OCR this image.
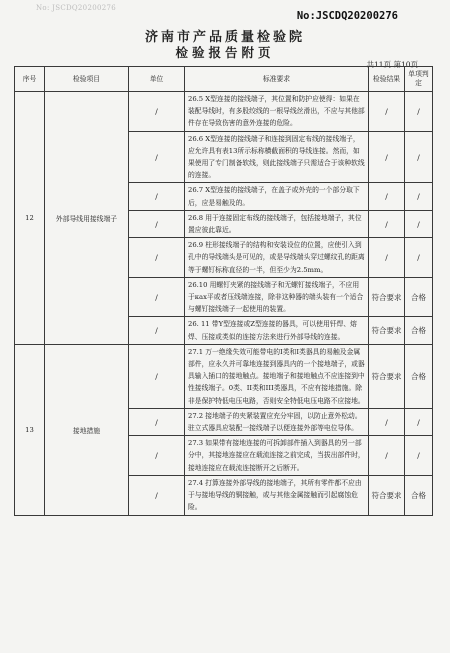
No: JSCDQ20200276
No:JSCDQ20200276
济南市产品质量检验院
检验报告附页
共11页 第10页
序号	检验项目	单位	标准要求	检验结果	单项判定
12	外部导线用接线端子	/	26.5 X型连接的接线端子，其位置和防护应使得：如果在装配导线时，有多股绞线的一根导线丝滑出，不应与其他部件存在导致伤害的意外连接的危险。	/	/
		/	26.6 X型连接的接线端子和连接到固定布线的接线端子，应允许具有表13所示标称横截面积的导线连接。然而，如果使用了专门制备软线，则此接线端子只需适合于该种软线的连接。	/	/
		/	26.7 X型连接的接线端子，在盖子或外壳的一个部分取下后，应是易触及的。	/	/
		/	26.8 用于连接固定布线的接线端子，包括接地端子，其位置应彼此靠近。	/	/
		/	26.9 柱形接线端子的结构和安装设位的位置，应使引入到孔中的导线端头是可见的，或是导线端头穿过螺纹孔的距离等于螺钉标称直径的一半，但至少为2.5mm。	/	/
		/	26.10 用螺钉夹紧的接线端子和无螺钉接线端子，不应用于ках平或者压线端连接，除非这种器的端头装有一个适合与螺钉接线端子一起使用的装置。	符合要求	合格
		/	26. 11 带Y型连接或Z型连接的器具，可以使用钎焊、熔焊、压接或类似的连接方法来进行外部导线的连接。	符合要求	合格
13	接地措施	/	27.1 万一绝缘失效可能带电的I类和I类器具的易触及金属部件，应永久并可靠地连接到器具内的一个接地端子，或器具输入插口的接地触点。接地端子和接地触点不应连接到中性接线端子。0类、II类和III类器具，不应有接地措施。除非是保护特低电压电路，否则安全特低电压电路不应接地。	符合要求	合格
		/	27.2 接地端子的夹紧装置应充分牢固，以防止意外松动。驻立式器具应装配一接线端子以便连接外部等电位导体。	/	/
		/	27.3 如果带有接地连接的可拆卸部件插入到器具的另一部分中，其接地连接应在载流连接之前完成，当拔出部件时，接地连接应在载流连接断开之后断开。	/	/
		/	27.4 打算连接外部导线的接地端子，其所有零件都不应由于与接地导线的铜接触，或与其他金属接触而引起腐蚀危险。	符合要求	合格
